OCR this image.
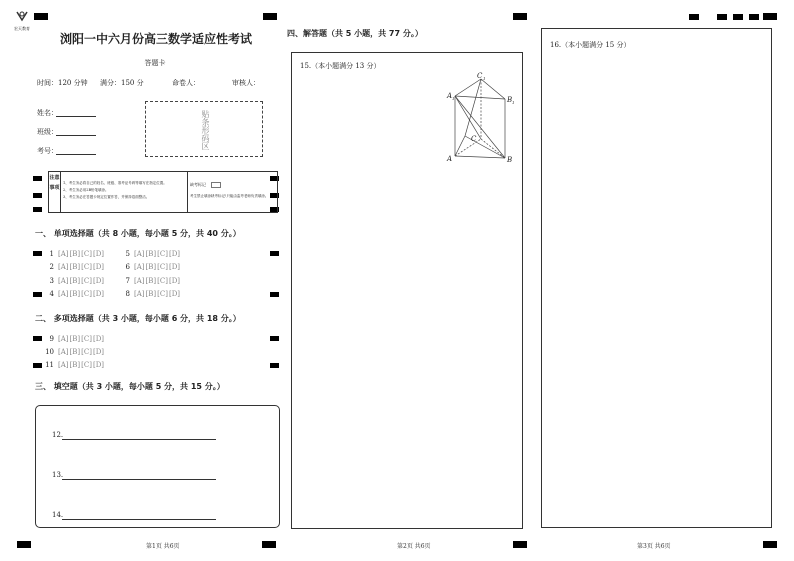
宏天教育
浏阳一中六月份高三数学适应性考试
答题卡
时间：120 分钟 满分：150 分	命卷人：	审核人：
姓名：
班级：
考号：
贴条形码区
注意事项
1、考生务必将自己的姓名、班级、准考证号码等填写在指定位置。
2、考生务必用2B铅笔填涂。
3、考生务必在答题卡规定位置作答，并保持卷面整洁。
缺考标记
考生禁止填涂缺考标记!只能由监考老师负责填涂。
一、 单项选择题（共 8 小题，每小题 5 分，共 40 分。）
1 [A][B][C][D]	5 [A][B][C][D]
2 [A][B][C][D]	6 [A][B][C][D]
3 [A][B][C][D]	7 [A][B][C][D]
4 [A][B][C][D]	8 [A][B][C][D]
二、 多项选择题（共 3 小题，每小题 6 分，共 18 分。）
9 [A][B][C][D]
10 [A][B][C][D]
11 [A][B][C][D]
三、 填空题（共 3 小题，每小题 5 分，共 15 分。）
12.
13.
14.
第1页 共6页
四、解答题（共 5 小题，共 77 分。）
15.（本小题满分 13 分）
C 1
A 1	B 1
C
A	B
第2页 共6页
16.（本小题满分 15 分）
第3页 共6页
